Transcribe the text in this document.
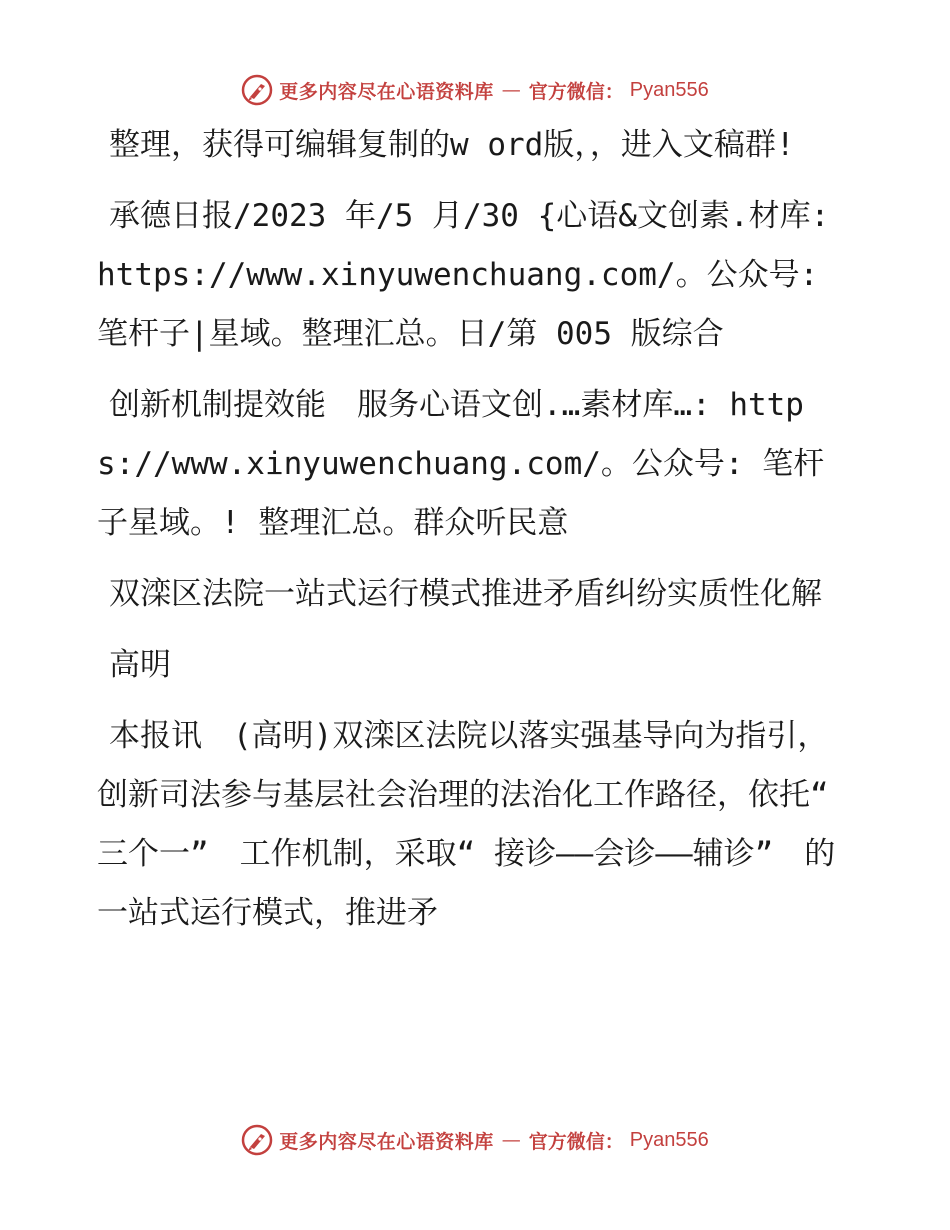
更多内容尽在心语资料库 — 官方微信： Pyan556

整理，获得可编辑复制的w ord版，，进入文稿群!

承德日报/2023 年/5 月/30 {心语&文创素.材库: https://www.xinyuwenchuang.com/。公众号: 笔杆子|星域。整理汇总。日/第 005 版综合

创新机制提效能　服务心语文创.…素材库…: https://www.xinyuwenchuang.com/。公众号: 笔杆子星域。! 整理汇总。群众听民意

双滦区法院一站式运行模式推进矛盾纠纷实质性化解

高明

本报讯　(高明)双滦区法院以落实强基导向为指引，创新司法参与基层社会治理的法治化工作路径，依托“ 三个一”　工作机制，采取“ 接诊——会诊——辅诊”　的一站式运行模式，推进矛

更多内容尽在心语资料库 — 官方微信： Pyan556
